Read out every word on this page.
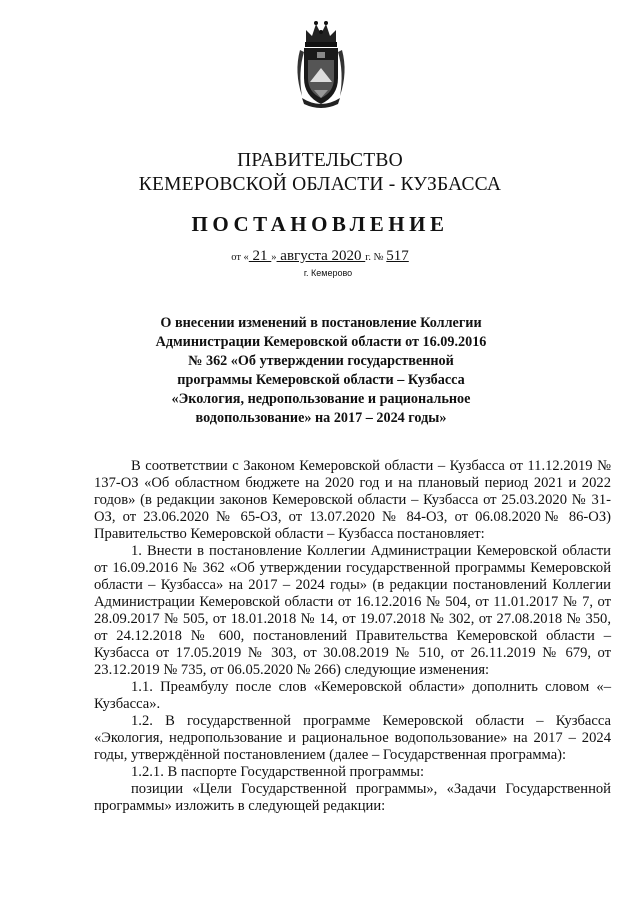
ПРАВИТЕЛЬСТВО
КЕМЕРОВСКОЙ ОБЛАСТИ - КУЗБАССА
ПОСТАНОВЛЕНИЕ
от « 21 » августа 2020 г. № 517
г. Кемерово
О внесении изменений в постановление Коллегии Администрации Кемеровской области от 16.09.2016 № 362 «Об утверждении государственной программы Кемеровской области – Кузбасса «Экология, недропользование и рациональное водопользование» на 2017 – 2024 годы»

В соответствии с Законом Кемеровской области – Кузбасса от 11.12.2019 № 137-ОЗ «Об областном бюджете на 2020 год и на плановый период 2021 и 2022 годов» (в редакции законов Кемеровской области – Кузбасса от 25.03.2020 № 31-ОЗ, от 23.06.2020 № 65-ОЗ, от 13.07.2020 № 84-ОЗ, от 06.08.2020№ 86-ОЗ) Правительство Кемеровской области – Кузбасса постановляет:

1. Внести в постановление Коллегии Администрации Кемеровской области от 16.09.2016 № 362 «Об утверждении государственной программы Кемеровской области – Кузбасса» на 2017 – 2024 годы» (в редакции постановлений Коллегии Администрации Кемеровской области от 16.12.2016 № 504, от 11.01.2017 № 7, от 28.09.2017 № 505, от 18.01.2018 № 14, от 19.07.2018 № 302, от 27.08.2018 № 350, от 24.12.2018 № 600, постановлений Правительства Кемеровской области – Кузбасса от 17.05.2019 № 303, от 30.08.2019 № 510, от 26.11.2019 № 679, от 23.12.2019 № 735, от 06.05.2020 № 266) следующие изменения:

1.1. Преамбулу после слов «Кемеровской области» дополнить словом «– Кузбасса».

1.2. В государственной программе Кемеровской области – Кузбасса «Экология, недропользование и рациональное водопользование» на 2017 – 2024 годы, утверждённой постановлением (далее – Государственная программа):

1.2.1. В паспорте Государственной программы:

позиции «Цели Государственной программы», «Задачи Государственной программы» изложить в следующей редакции:
